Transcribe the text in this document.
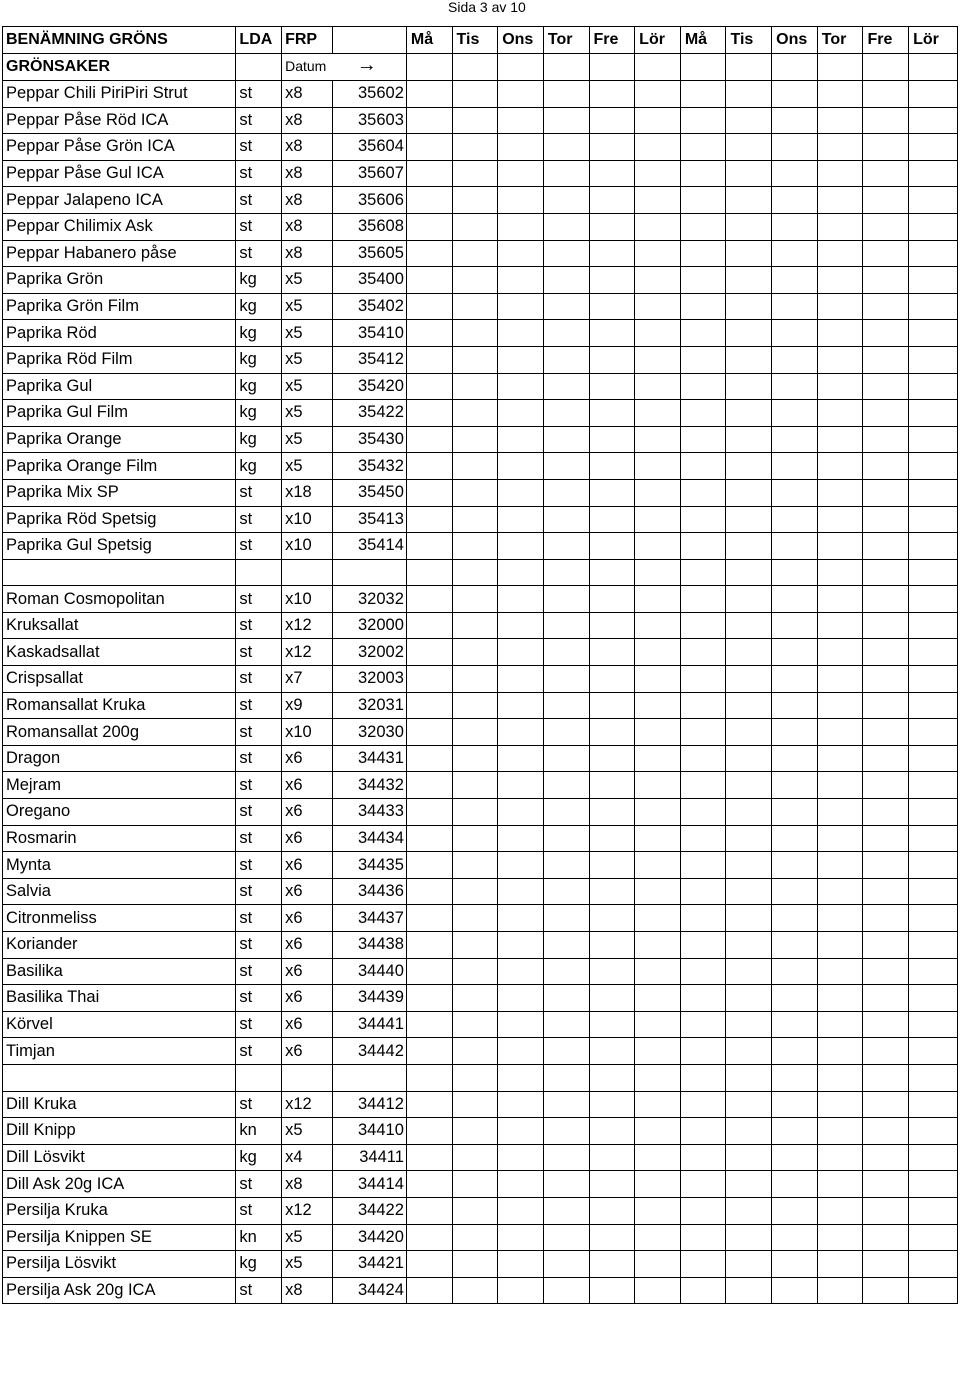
Sida 3 av 10
BENÄMNING GRÖNS	LDA	FRP		Må	Tis	Ons	Tor	Fre	Lör	Må	Tis	Ons	Tor	Fre	Lör
GRÖNSAKER		Datum →													
Peppar Chili PiriPiri Strut	st	x8	35602												
Peppar Påse Röd ICA	st	x8	35603												
Peppar Påse Grön ICA	st	x8	35604												
Peppar Påse Gul ICA	st	x8	35607												
Peppar Jalapeno ICA	st	x8	35606												
Peppar Chilimix Ask	st	x8	35608												
Peppar Habanero påse	st	x8	35605												
Paprika Grön	kg	x5	35400												
Paprika Grön Film	kg	x5	35402												
Paprika Röd	kg	x5	35410												
Paprika Röd Film	kg	x5	35412												
Paprika Gul	kg	x5	35420												
Paprika Gul Film	kg	x5	35422												
Paprika Orange	kg	x5	35430												
Paprika Orange Film	kg	x5	35432												
Paprika Mix SP	st	x18	35450												
Paprika Röd Spetsig	st	x10	35413												
Paprika Gul Spetsig	st	x10	35414												

Roman Cosmopolitan	st	x10	32032												
Kruksallat	st	x12	32000												
Kaskadsallat	st	x12	32002												
Crispsallat	st	x7	32003												
Romansallat Kruka	st	x9	32031												
Romansallat 200g	st	x10	32030												
Dragon	st	x6	34431												
Mejram	st	x6	34432												
Oregano	st	x6	34433												
Rosmarin	st	x6	34434												
Mynta	st	x6	34435												
Salvia	st	x6	34436												
Citronmeliss	st	x6	34437												
Koriander	st	x6	34438												
Basilika	st	x6	34440												
Basilika Thai	st	x6	34439												
Körvel	st	x6	34441												
Timjan	st	x6	34442												

Dill Kruka	st	x12	34412												
Dill Knipp	kn	x5	34410												
Dill Lösvikt	kg	x4	34411												
Dill Ask 20g ICA	st	x8	34414												
Persilja Kruka	st	x12	34422												
Persilja Knippen SE	kn	x5	34420												
Persilja Lösvikt	kg	x5	34421												
Persilja Ask 20g ICA	st	x8	34424												
